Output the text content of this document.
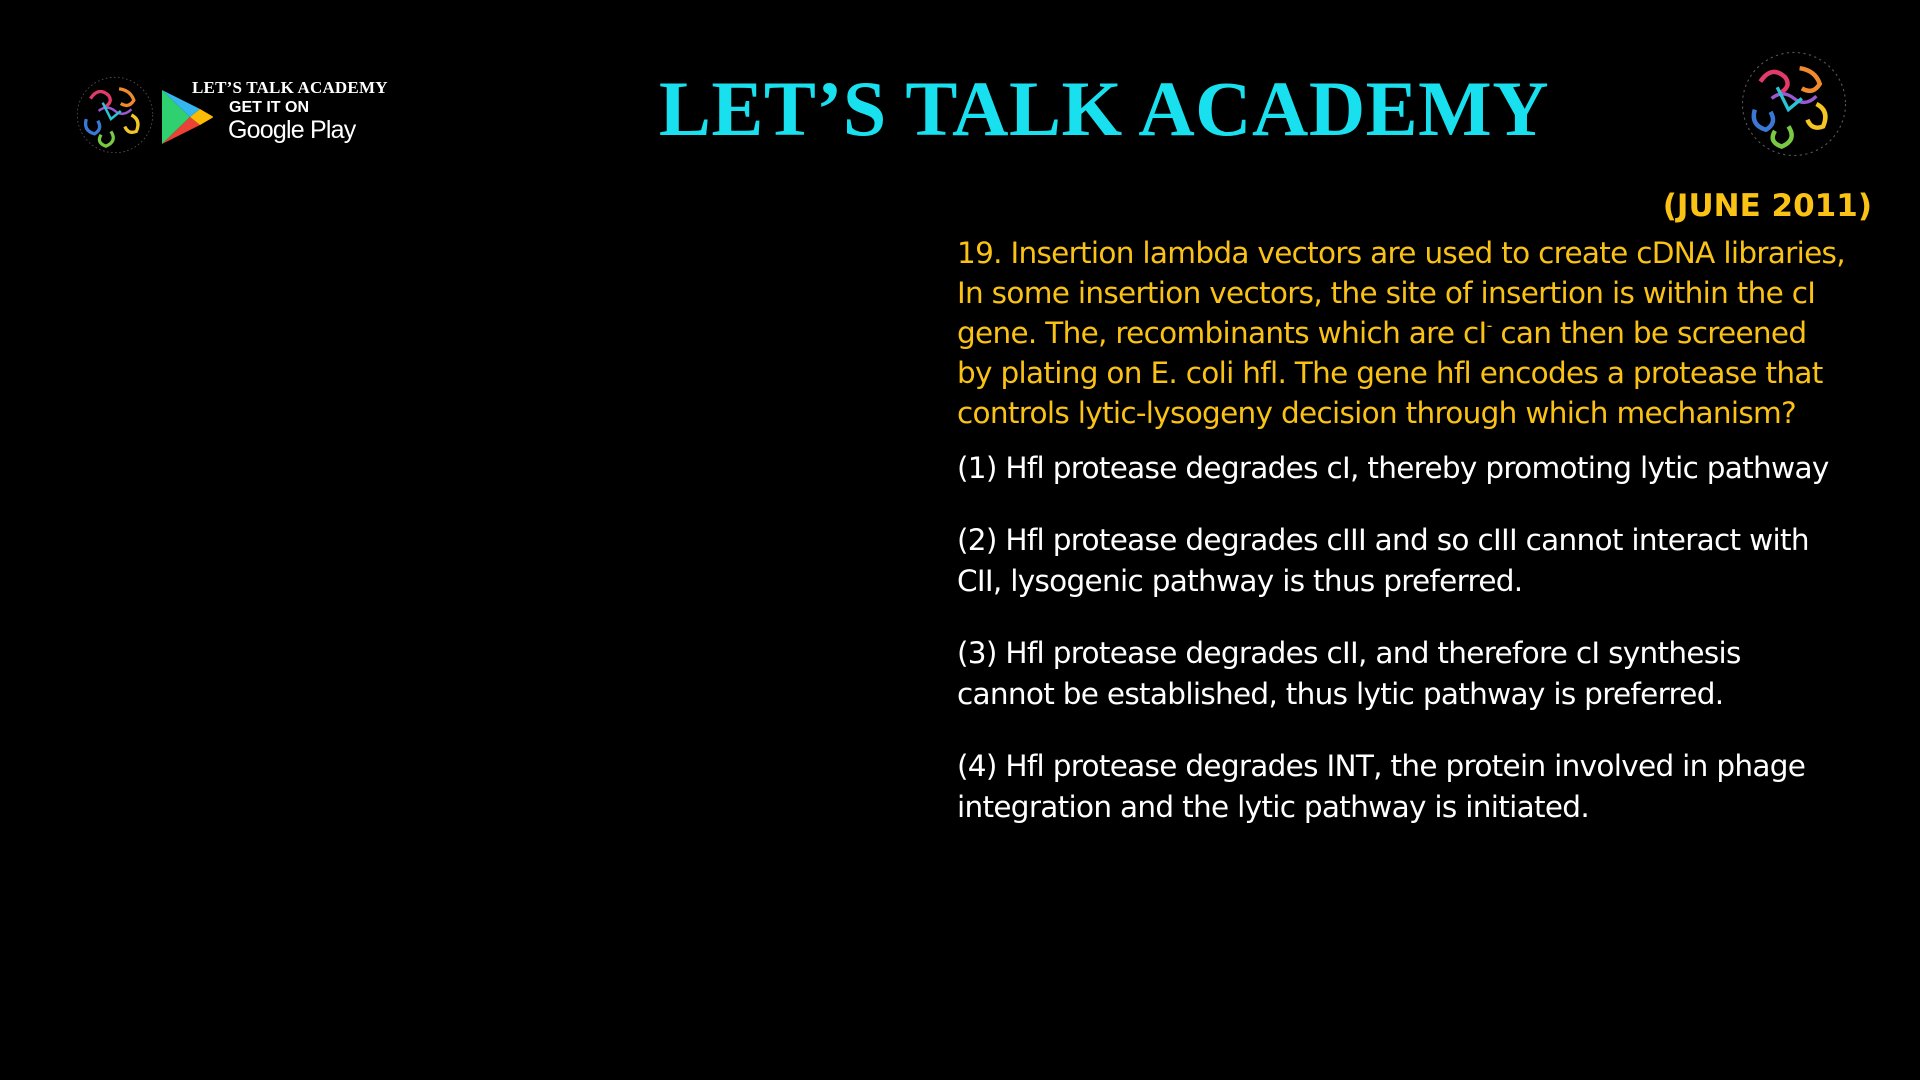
LET’S TALK ACADEMY
GET IT ON
Google Play	LET’S TALK ACADEMY
(JUNE 2011)
19. Insertion lambda vectors are used to create cDNA libraries,
In some insertion vectors, the site of insertion is within the cI
gene. The, recombinants which are cI- can then be screened
by plating on E. coli hfl. The gene hfl encodes a protease that
controls lytic-lysogeny decision through which mechanism?
(1) Hfl protease degrades cI, thereby promoting lytic pathway
(2) Hfl protease degrades cIII and so cIII cannot interact with
CII, lysogenic pathway is thus preferred.
(3) Hfl protease degrades cII, and therefore cI synthesis
cannot be established, thus lytic pathway is preferred.
(4) Hfl protease degrades INT, the protein involved in phage
integration and the lytic pathway is initiated.
